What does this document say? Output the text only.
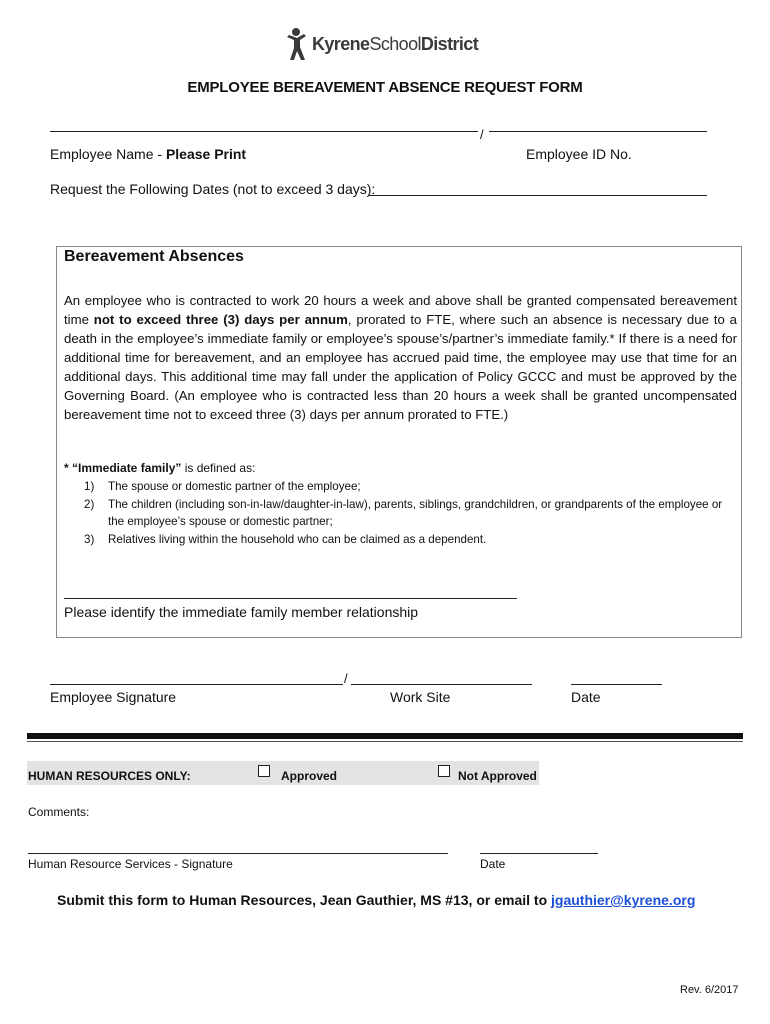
KyreneSchoolDistrict
EMPLOYEE BEREAVEMENT ABSENCE REQUEST FORM
/
Employee Name - Please Print	Employee ID No.
Request the Following Dates (not to exceed 3 days):
Bereavement Absences
An employee who is contracted to work 20 hours a week and above shall be granted compensated bereavement time not to exceed three (3) days per annum, prorated to FTE, where such an absence is necessary due to a death in the employee’s immediate family or employee’s spouse’s/partner’s immediate family.* If there is a need for additional time for bereavement, and an employee has accrued paid time, the employee may use that time for an additional days. This additional time may fall under the application of Policy GCCC and must be approved by the Governing Board. (An employee who is contracted less than 20 hours a week shall be granted uncompensated bereavement time not to exceed three (3) days per annum prorated to FTE.)
* “Immediate family” is defined as:
1) The spouse or domestic partner of the employee;
2) The children (including son-in-law/daughter-in-law), parents, siblings, grandchildren, or grandparents of the employee or the employee’s spouse or domestic partner;
3) Relatives living within the household who can be claimed as a dependent.
Please identify the immediate family member relationship
/
Employee Signature	Work Site	Date
HUMAN RESOURCES ONLY:	Approved	Not Approved
Comments:
Human Resource Services - Signature	Date
Submit this form to Human Resources, Jean Gauthier, MS #13, or email to jgauthier@kyrene.org
Rev. 6/2017
